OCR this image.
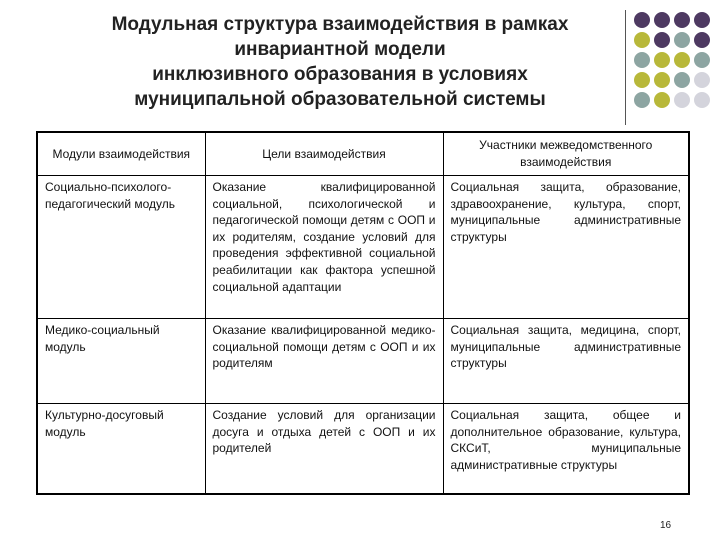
Модульная структура взаимодействия в рамках
инвариантной модели
инклюзивного образования в условиях
муниципальной образовательной системы
Модули взаимодействия	Цели взаимодействия	Участники межведомственного взаимодействия
Социально-психолого-педагогический модуль	Оказание квалифицированной социальной, психологической и педагогической помощи детям с ООП и их родителям, создание условий для проведения эффективной социальной реабилитации как фактора успешной социальной адаптации	Социальная защита, образование, здравоохранение, культура, спорт, муниципальные административные структуры
Медико-социальный модуль	Оказание квалифицированной медико-социальной помощи детям с ООП и их родителям	Социальная защита, медицина, спорт, муниципальные административные структуры
Культурно-досуговый модуль	Создание условий для организации досуга и отдыха детей с ООП и их родителей	Социальная защита, общее и дополнительное образование, культура, СКСиТ, муниципальные административные структуры
16
